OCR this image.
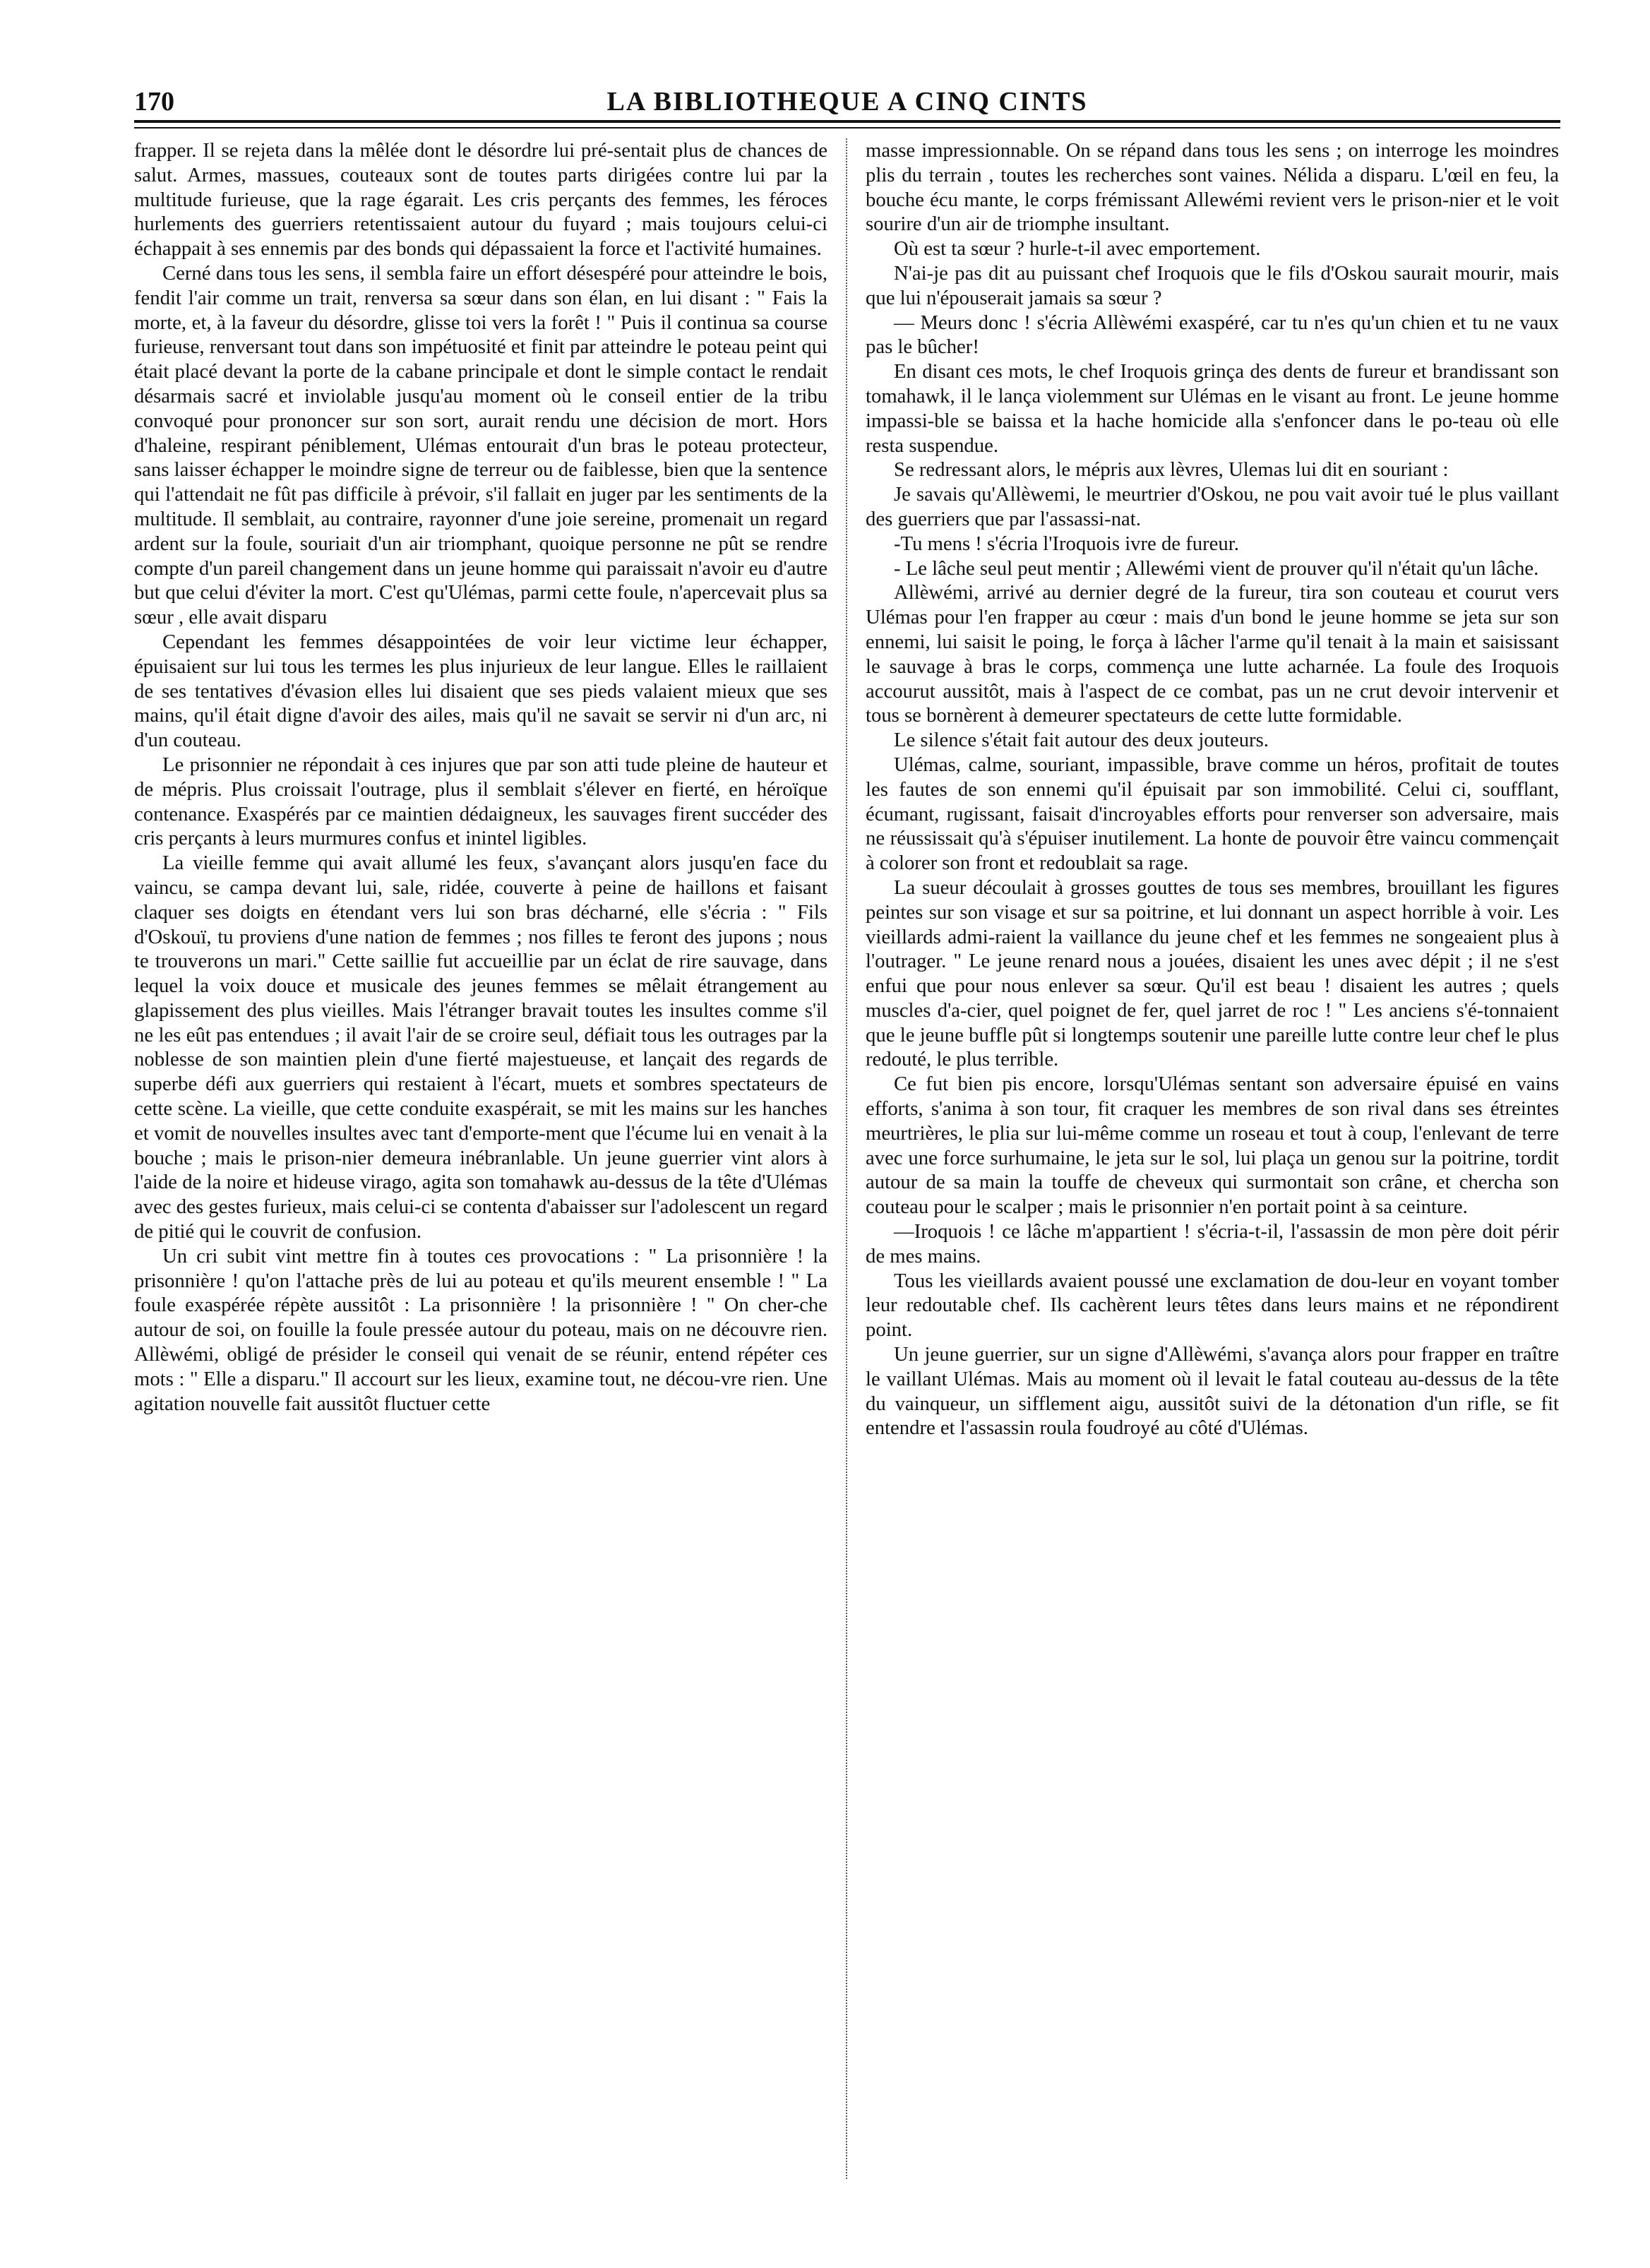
170	LA BIBLIOTHEQUE A CINQ CINTS

frapper. Il se rejeta dans la mêlée dont le désordre lui pré-sentait plus de chances de salut. Armes, massues, couteaux sont de toutes parts dirigées contre lui par la multitude furieuse, que la rage égarait. Les cris perçants des femmes, les féroces hurlements des guerriers retentissaient autour du fuyard ; mais toujours celui-ci échappait à ses ennemis par des bonds qui dépassaient la force et l'activité humaines.

Cerné dans tous les sens, il sembla faire un effort désespéré pour atteindre le bois, fendit l'air comme un trait, renversa sa sœur dans son élan, en lui disant : " Fais la morte, et, à la faveur du désordre, glisse toi vers la forêt ! " Puis il continua sa course furieuse, renversant tout dans son impétuosité et finit par atteindre le poteau peint qui était placé devant la porte de la cabane principale et dont le simple contact le rendait désarmais sacré et inviolable jusqu'au moment où le conseil entier de la tribu convoqué pour prononcer sur son sort, aurait rendu une décision de mort. Hors d'haleine, respirant péniblement, Ulémas entourait d'un bras le poteau protecteur, sans laisser échapper le moindre signe de terreur ou de faiblesse, bien que la sentence qui l'attendait ne fût pas difficile à prévoir, s'il fallait en juger par les sentiments de la multitude. Il semblait, au contraire, rayonner d'une joie sereine, promenait un regard ardent sur la foule, souriait d'un air triomphant, quoique personne ne pût se rendre compte d'un pareil changement dans un jeune homme qui paraissait n'avoir eu d'autre but que celui d'éviter la mort. C'est qu'Ulémas, parmi cette foule, n'apercevait plus sa sœur , elle avait disparu

Cependant les femmes désappointées de voir leur victime leur échapper, épuisaient sur lui tous les termes les plus injurieux de leur langue. Elles le raillaient de ses tentatives d'évasion elles lui disaient que ses pieds valaient mieux que ses mains, qu'il était digne d'avoir des ailes, mais qu'il ne savait se servir ni d'un arc, ni d'un couteau.

Le prisonnier ne répondait à ces injures que par son atti tude pleine de hauteur et de mépris. Plus croissait l'outrage, plus il semblait s'élever en fierté, en héroïque contenance. Exaspérés par ce maintien dédaigneux, les sauvages firent succéder des cris perçants à leurs murmures confus et inintel ligibles.

La vieille femme qui avait allumé les feux, s'avançant alors jusqu'en face du vaincu, se campa devant lui, sale, ridée, couverte à peine de haillons et faisant claquer ses doigts en étendant vers lui son bras décharné, elle s'écria : " Fils d'Oskouï, tu proviens d'une nation de femmes ; nos filles te feront des jupons ; nous te trouverons un mari." Cette saillie fut accueillie par un éclat de rire sauvage, dans lequel la voix douce et musicale des jeunes femmes se mêlait étrangement au glapissement des plus vieilles. Mais l'étranger bravait toutes les insultes comme s'il ne les eût pas entendues ; il avait l'air de se croire seul, défiait tous les outrages par la noblesse de son maintien plein d'une fierté majestueuse, et lançait des regards de superbe défi aux guerriers qui restaient à l'écart, muets et sombres spectateurs de cette scène. La vieille, que cette conduite exaspérait, se mit les mains sur les hanches et vomit de nouvelles insultes avec tant d'emporte-ment que l'écume lui en venait à la bouche ; mais le prison-nier demeura inébranlable. Un jeune guerrier vint alors à l'aide de la noire et hideuse virago, agita son tomahawk au-dessus de la tête d'Ulémas avec des gestes furieux, mais celui-ci se contenta d'abaisser sur l'adolescent un regard de pitié qui le couvrit de confusion.

Un cri subit vint mettre fin à toutes ces provocations : " La prisonnière ! la prisonnière ! qu'on l'attache près de lui au poteau et qu'ils meurent ensemble ! " La foule exaspérée répète aussitôt : La prisonnière ! la prisonnière ! " On cher-che autour de soi, on fouille la foule pressée autour du poteau, mais on ne découvre rien. Allèwémi, obligé de présider le conseil qui venait de se réunir, entend répéter ces mots : " Elle a disparu." Il accourt sur les lieux, examine tout, ne décou-vre rien. Une agitation nouvelle fait aussitôt fluctuer cette

masse impressionnable. On se répand dans tous les sens ; on interroge les moindres plis du terrain , toutes les recherches sont vaines. Nélida a disparu. L'œil en feu, la bouche écu mante, le corps frémissant Allewémi revient vers le prison-nier et le voit sourire d'un air de triomphe insultant.

Où est ta sœur ? hurle-t-il avec emportement.

N'ai-je pas dit au puissant chef Iroquois que le fils d'Oskou saurait mourir, mais que lui n'épouserait jamais sa sœur ?

— Meurs donc ! s'écria Allèwémi exaspéré, car tu n'es qu'un chien et tu ne vaux pas le bûcher!

En disant ces mots, le chef Iroquois grinça des dents de fureur et brandissant son tomahawk, il le lança violemment sur Ulémas en le visant au front. Le jeune homme impassi-ble se baissa et la hache homicide alla s'enfoncer dans le po-teau où elle resta suspendue.

Se redressant alors, le mépris aux lèvres, Ulemas lui dit en souriant :

Je savais qu'Allèwemi, le meurtrier d'Oskou, ne pou vait avoir tué le plus vaillant des guerriers que par l'assassi-nat.

-Tu mens ! s'écria l'Iroquois ivre de fureur.

- Le lâche seul peut mentir ; Allewémi vient de prouver qu'il n'était qu'un lâche.

Allèwémi, arrivé au dernier degré de la fureur, tira son couteau et courut vers Ulémas pour l'en frapper au cœur : mais d'un bond le jeune homme se jeta sur son ennemi, lui saisit le poing, le força à lâcher l'arme qu'il tenait à la main et saisissant le sauvage à bras le corps, commença une lutte acharnée. La foule des Iroquois accourut aussitôt, mais à l'aspect de ce combat, pas un ne crut devoir intervenir et tous se bornèrent à demeurer spectateurs de cette lutte formidable.

Le silence s'était fait autour des deux jouteurs.

Ulémas, calme, souriant, impassible, brave comme un héros, profitait de toutes les fautes de son ennemi qu'il épuisait par son immobilité. Celui ci, soufflant, écumant, rugissant, faisait d'incroyables efforts pour renverser son adversaire, mais ne réussissait qu'à s'épuiser inutilement. La honte de pouvoir être vaincu commençait à colorer son front et redoublait sa rage.

La sueur découlait à grosses gouttes de tous ses membres, brouillant les figures peintes sur son visage et sur sa poitrine, et lui donnant un aspect horrible à voir. Les vieillards admi-raient la vaillance du jeune chef et les femmes ne songeaient plus à l'outrager. " Le jeune renard nous a jouées, disaient les unes avec dépit ; il ne s'est enfui que pour nous enlever sa sœur. Qu'il est beau ! disaient les autres ; quels muscles d'a-cier, quel poignet de fer, quel jarret de roc ! " Les anciens s'é-tonnaient que le jeune buffle pût si longtemps soutenir une pareille lutte contre leur chef le plus redouté, le plus terrible.

Ce fut bien pis encore, lorsqu'Ulémas sentant son adversaire épuisé en vains efforts, s'anima à son tour, fit craquer les membres de son rival dans ses étreintes meurtrières, le plia sur lui-même comme un roseau et tout à coup, l'enlevant de terre avec une force surhumaine, le jeta sur le sol, lui plaça un genou sur la poitrine, tordit autour de sa main la touffe de cheveux qui surmontait son crâne, et chercha son couteau pour le scalper ; mais le prisonnier n'en portait point à sa ceinture.

—Iroquois ! ce lâche m'appartient ! s'écria-t-il, l'assassin de mon père doit périr de mes mains.

Tous les vieillards avaient poussé une exclamation de dou-leur en voyant tomber leur redoutable chef. Ils cachèrent leurs têtes dans leurs mains et ne répondirent point.

Un jeune guerrier, sur un signe d'Allèwémi, s'avança alors pour frapper en traître le vaillant Ulémas. Mais au moment où il levait le fatal couteau au-dessus de la tête du vainqueur, un sifflement aigu, aussitôt suivi de la détonation d'un rifle, se fit entendre et l'assassin roula foudroyé au côté d'Ulémas.
